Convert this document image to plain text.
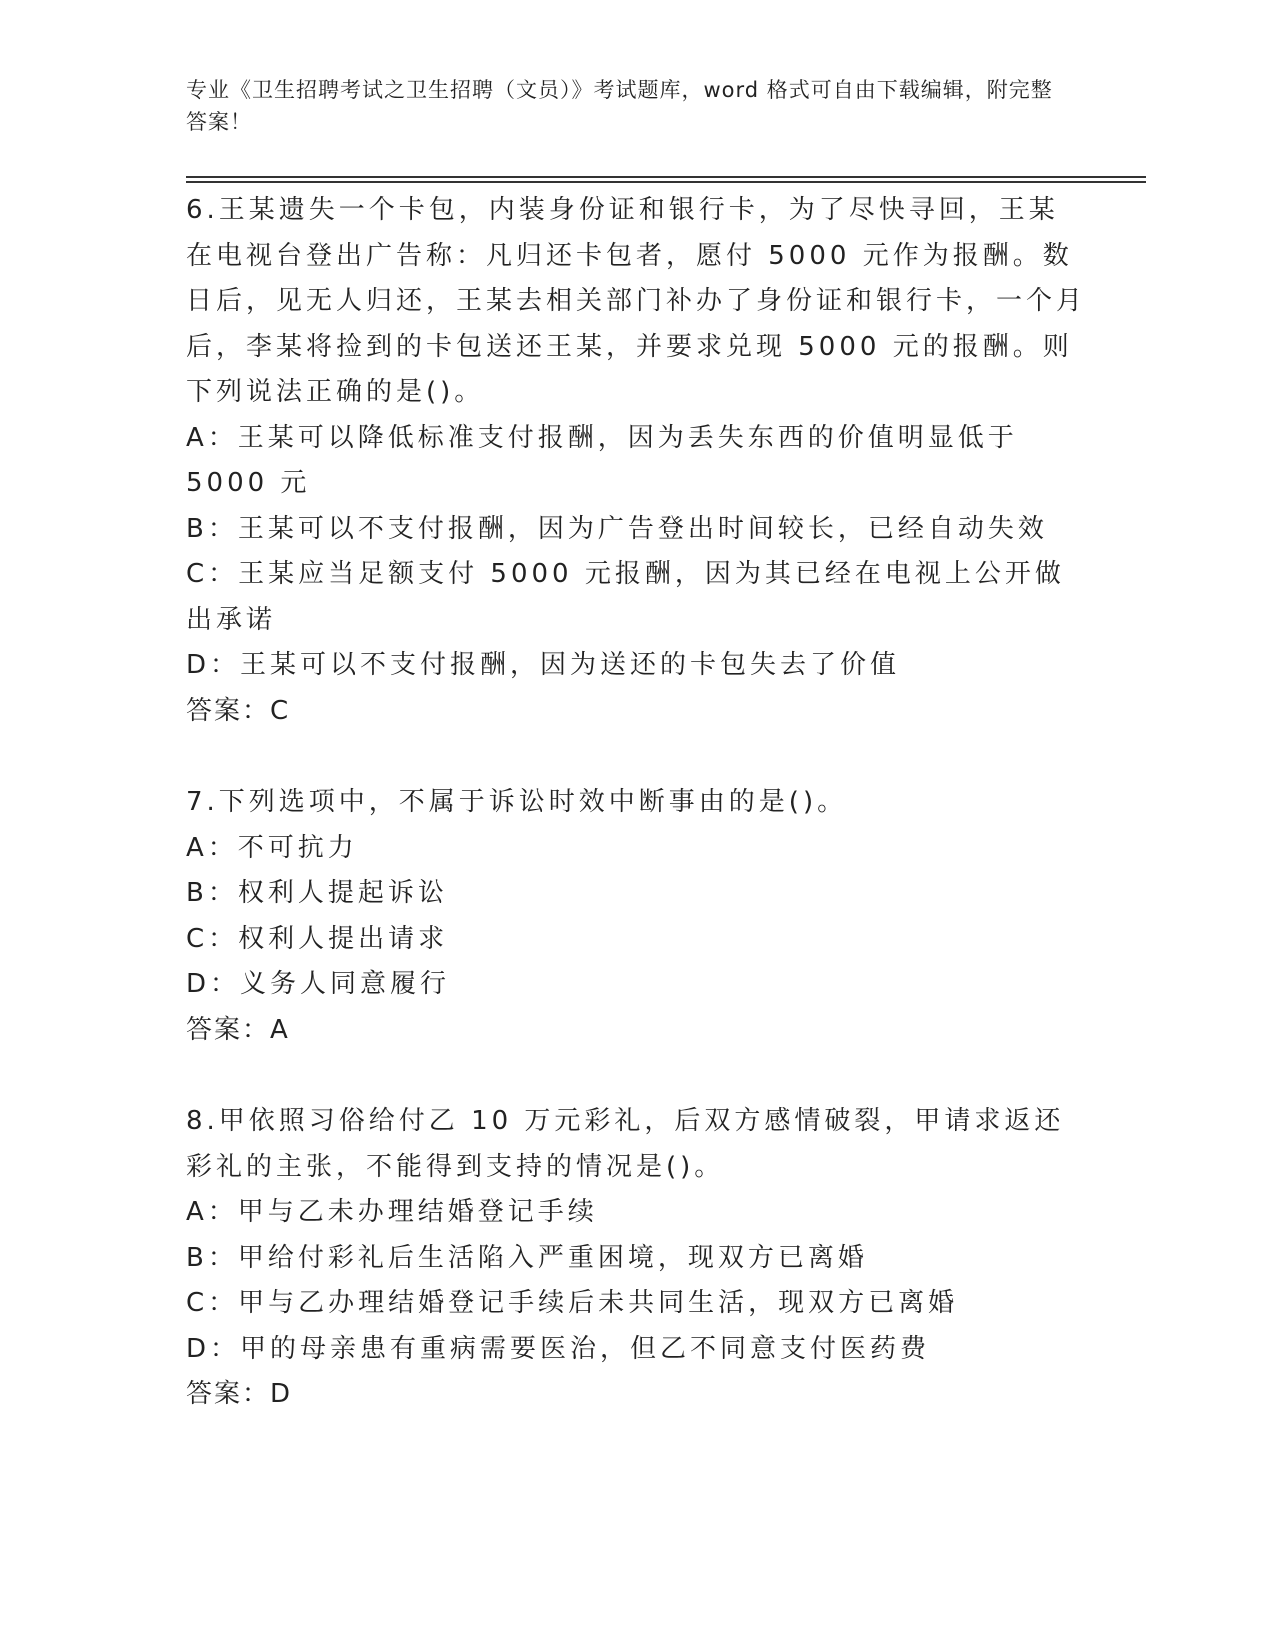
专业《卫生招聘考试之卫生招聘（文员）》考试题库，word 格式可自由下载编辑，附完整答案！

6.王某遗失一个卡包，内装身份证和银行卡，为了尽快寻回，王某在电视台登出广告称：凡归还卡包者，愿付 5000 元作为报酬。数日后，见无人归还，王某去相关部门补办了身份证和银行卡，一个月后，李某将捡到的卡包送还王某，并要求兑现 5000 元的报酬。则下列说法正确的是()。

A：王某可以降低标准支付报酬，因为丢失东西的价值明显低于 5000 元

B：王某可以不支付报酬，因为广告登出时间较长，已经自动失效

C：王某应当足额支付 5000 元报酬，因为其已经在电视上公开做出承诺

D：王某可以不支付报酬，因为送还的卡包失去了价值

答案：C

7.下列选项中，不属于诉讼时效中断事由的是()。

A：不可抗力

B：权利人提起诉讼

C：权利人提出请求

D：义务人同意履行

答案：A

8.甲依照习俗给付乙 10 万元彩礼，后双方感情破裂，甲请求返还彩礼的主张，不能得到支持的情况是()。

A：甲与乙未办理结婚登记手续

B：甲给付彩礼后生活陷入严重困境，现双方已离婚

C：甲与乙办理结婚登记手续后未共同生活，现双方已离婚

D：甲的母亲患有重病需要医治，但乙不同意支付医药费

答案：D
